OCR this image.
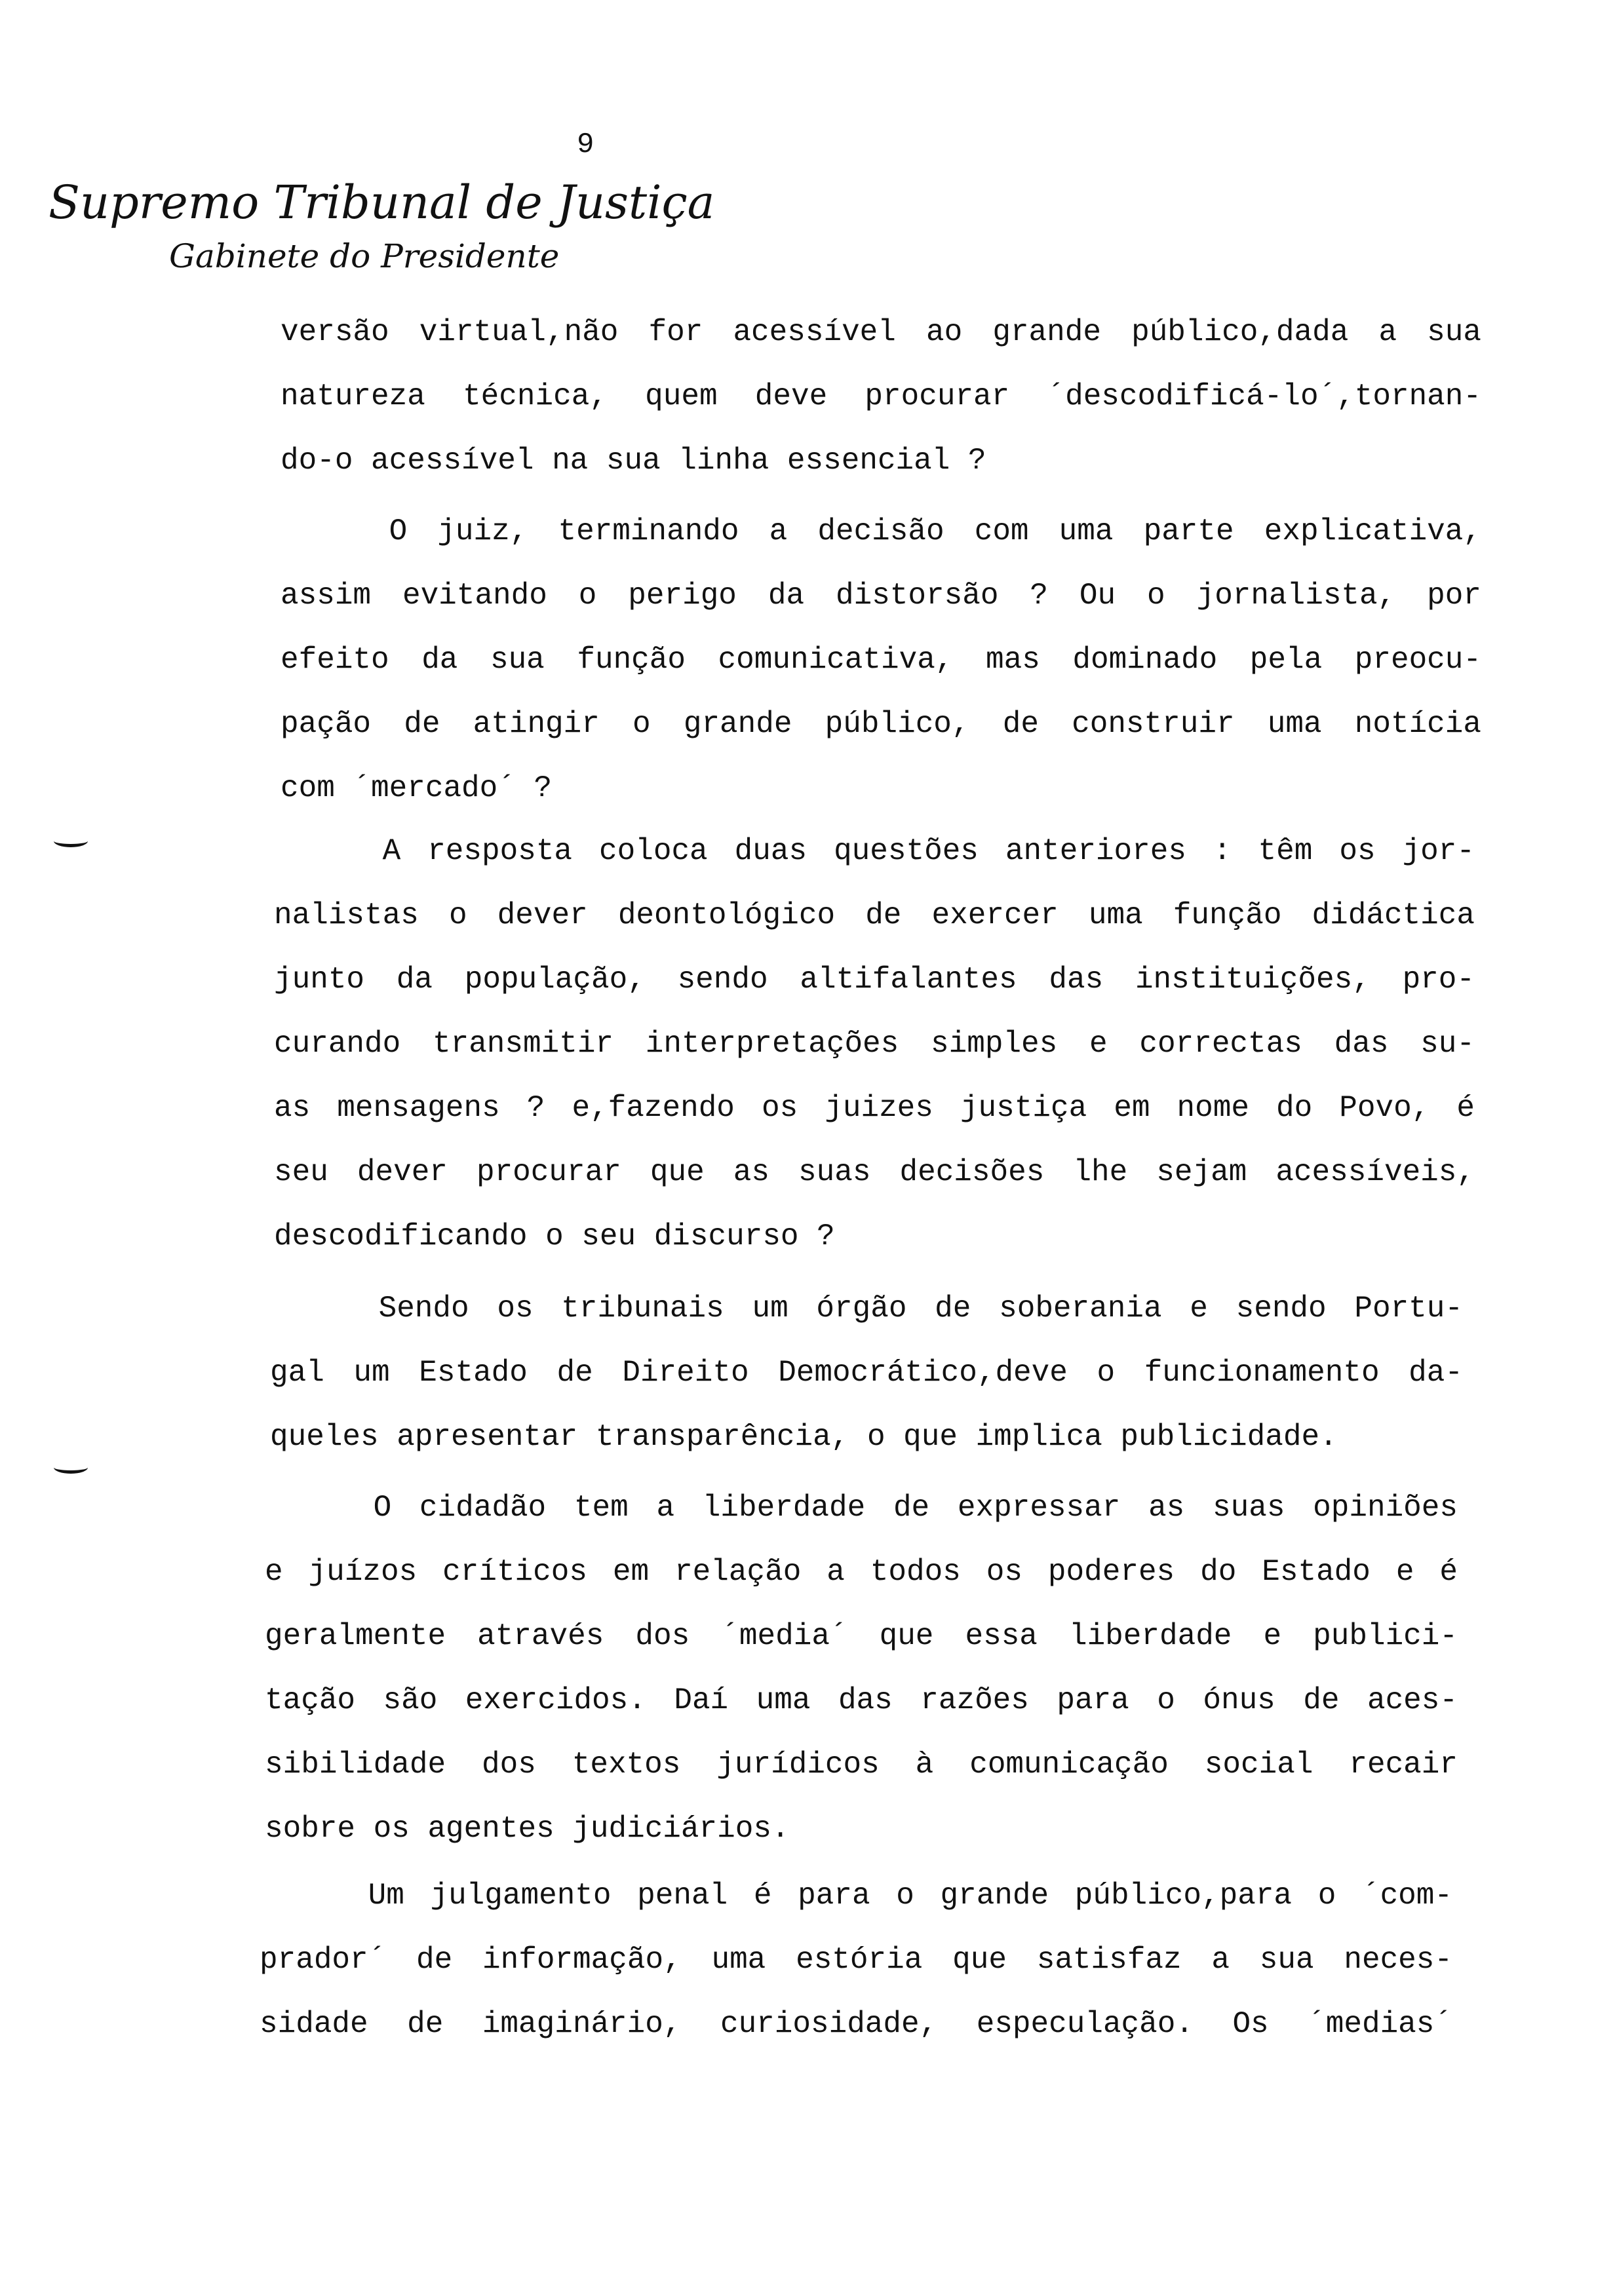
9
Supremo Tribunal de Justiça
Gabinete do Presidente
versão virtual,não for acessível ao grande público,dada a sua
natureza técnica, quem deve procurar ´descodificá-lo´,tornan-
do-o acessível na sua linha essencial ?
O juiz, terminando a decisão com uma parte explicativa,
assim evitando o perigo da distorsão ? Ou o jornalista, por
efeito da sua função comunicativa, mas dominado pela preocu-
pação de atingir o grande público, de construir uma notícia
com ´mercado´ ?
A resposta coloca duas questões anteriores : têm os jor-
nalistas o dever deontológico de exercer uma função didáctica
junto da população, sendo altifalantes das instituições, pro-
curando transmitir interpretações simples e correctas das su-
as mensagens ? e,fazendo os juizes justiça em nome do Povo, é
seu dever procurar que as suas decisões lhe sejam acessíveis,
descodificando o seu discurso ?
Sendo os tribunais um órgão de soberania e sendo Portu-
gal um Estado de Direito Democrático,deve o funcionamento da-
queles apresentar transparência, o que implica publicidade.
O cidadão tem a liberdade de expressar as suas opiniões
e juízos críticos em relação a todos os poderes do Estado e é
geralmente através dos ´media´ que essa liberdade e publici-
tação são exercidos. Daí uma das razões para o ónus de aces-
sibilidade dos textos jurídicos à comunicação social recair
sobre os agentes judiciários.
Um julgamento penal é para o grande público,para o ´com-
prador´ de informação, uma estória que satisfaz a sua neces-
sidade de imaginário, curiosidade, especulação. Os ´medias´
